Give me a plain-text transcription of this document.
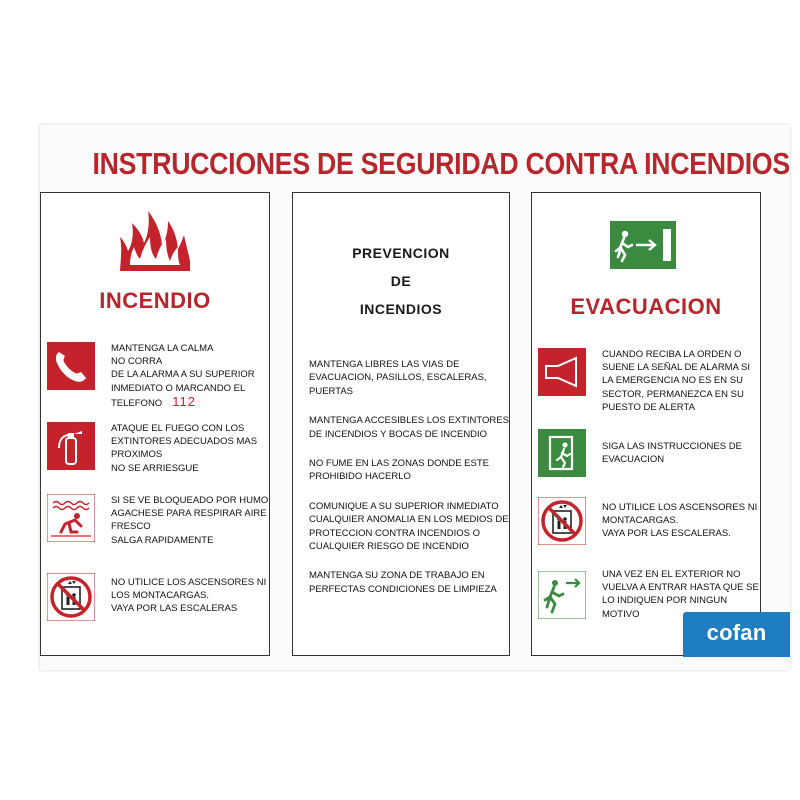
INSTRUCCIONES DE SEGURIDAD CONTRA INCENDIOS
INCENDIO
MANTENGA LA CALMA
NO CORRA
DE LA ALARMA A SU SUPERIOR
INMEDIATO O MARCANDO EL
TELEFONO 112
ATAQUE EL FUEGO CON LOS
EXTINTORES ADECUADOS MAS
PROXIMOS
NO SE ARRIESGUE
SI SE VE BLOQUEADO POR HUMO
AGACHESE PARA RESPIRAR AIRE
FRESCO
SALGA RAPIDAMENTE
NO UTILICE LOS ASCENSORES NI
LOS MONTACARGAS.
VAYA POR LAS ESCALERAS
PREVENCION
DE
INCENDIOS
MANTENGA LIBRES LAS VIAS DE
EVACUACION, PASILLOS, ESCALERAS,
PUERTAS
MANTENGA ACCESIBLES LOS EXTINTORES
DE INCENDIOS Y BOCAS DE INCENDIO
NO FUME EN LAS ZONAS DONDE ESTE
PROHIBIDO HACERLO
COMUNIQUE A SU SUPERIOR INMEDIATO
CUALQUIER ANOMALIA EN LOS MEDIOS DE
PROTECCION CONTRA INCENDIOS O
CUALQUIER RIESGO DE INCENDIO
MANTENGA SU ZONA DE TRABAJO EN
PERFECTAS CONDICIONES DE LIMPIEZA
EVACUACION
CUANDO RECIBA LA ORDEN O
SUENE LA SEÑAL DE ALARMA SI
LA EMERGENCIA NO ES EN SU
SECTOR, PERMANEZCA EN SU
PUESTO DE ALERTA
SIGA LAS INSTRUCCIONES DE
EVACUACION
NO UTILICE LOS ASCENSORES NI
MONTACARGAS.
VAYA POR LAS ESCALERAS.
UNA VEZ EN EL EXTERIOR NO
VUELVA A ENTRAR HASTA QUE SE
LO INDIQUEN POR NINGUN
MOTIVO
cofan
